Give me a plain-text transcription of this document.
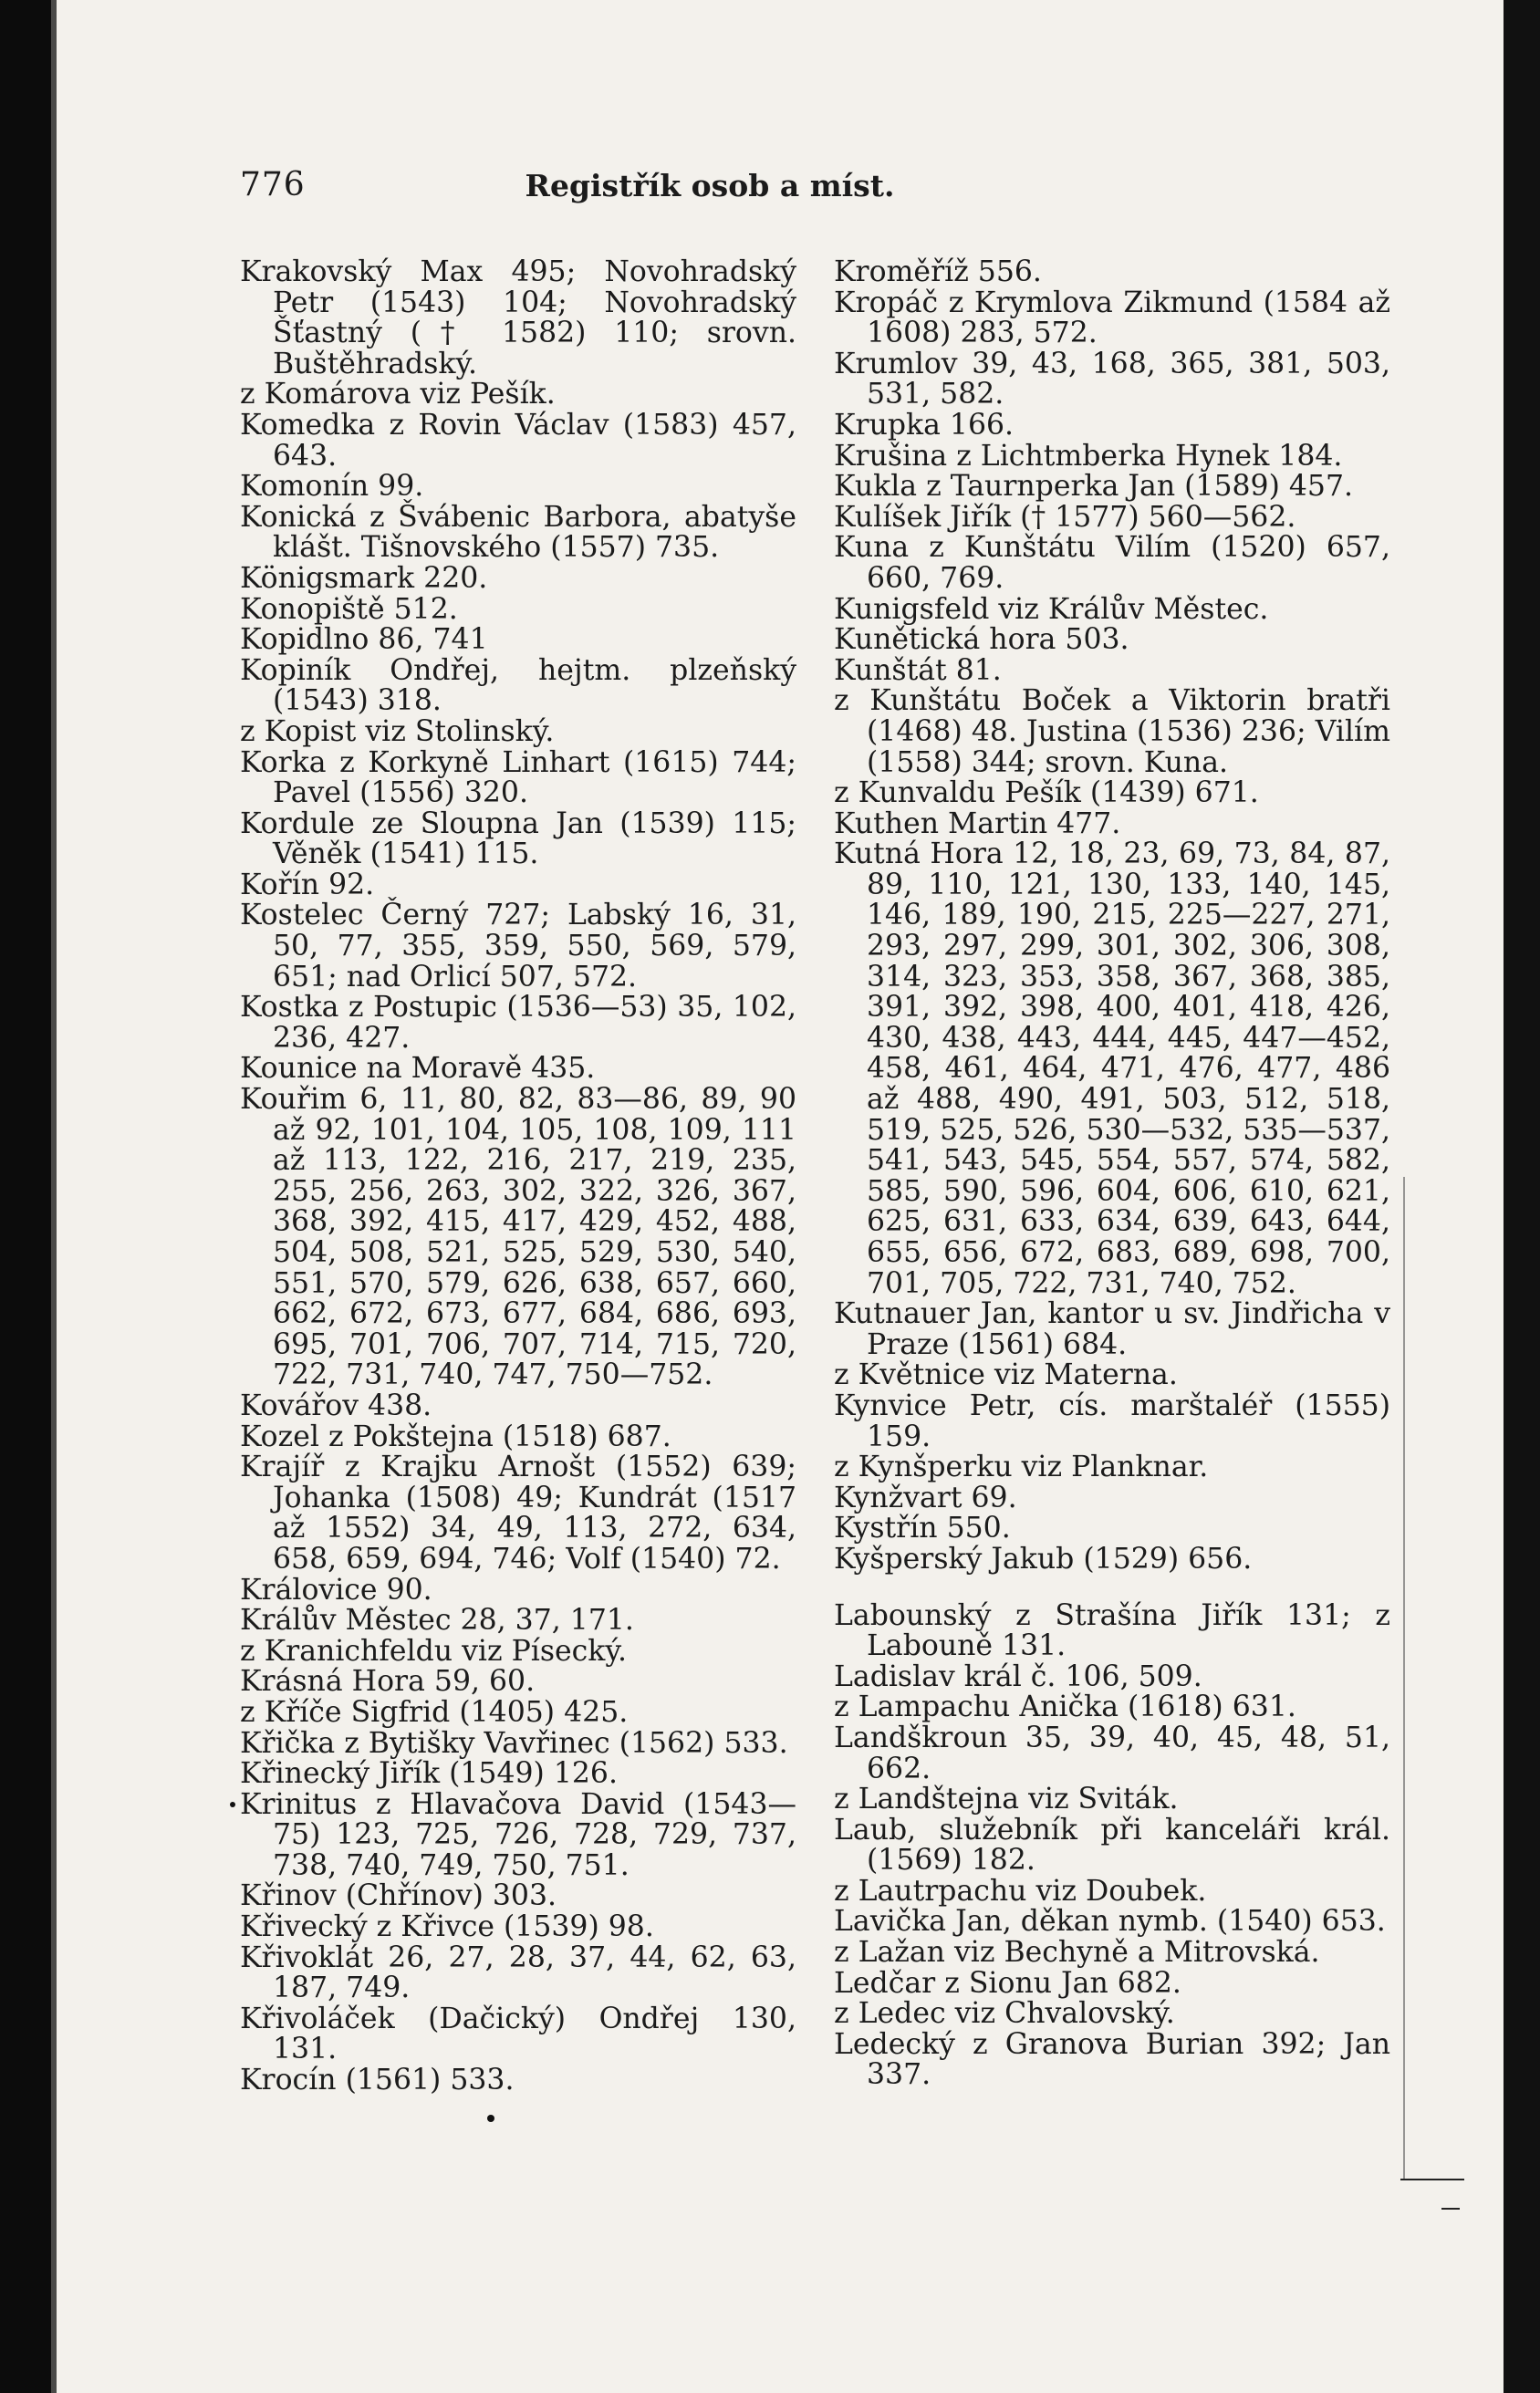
776	Registřík osob a míst.
Krakovský Max 495; Novohradský Petr (1543) 104; Novohradský Šťastný († 1582) 110; srovn. Buštěhradský.
z Komárova viz Pešík.
Komedka z Rovin Václav (1583) 457, 643.
Komonín 99.
Konická z Švábenic Barbora, abatyše klášt. Tišnovského (1557) 735.
Königsmark 220.
Konopiště 512.
Kopidlno 86, 741
Kopiník Ondřej, hejtm. plzeňský (1543) 318.
z Kopist viz Stolinský.
Korka z Korkyně Linhart (1615) 744; Pavel (1556) 320.
Kordule ze Sloupna Jan (1539) 115; Věněk (1541) 115.
Kořín 92.
Kostelec Černý 727; Labský 16, 31, 50, 77, 355, 359, 550, 569, 579, 651; nad Orlicí 507, 572.
Kostka z Postupic (1536—53) 35, 102, 236, 427.
Kounice na Moravě 435.
Kouřim 6, 11, 80, 82, 83—86, 89, 90 až 92, 101, 104, 105, 108, 109, 111 až 113, 122, 216, 217, 219, 235, 255, 256, 263, 302, 322, 326, 367, 368, 392, 415, 417, 429, 452, 488, 504, 508, 521, 525, 529, 530, 540, 551, 570, 579, 626, 638, 657, 660, 662, 672, 673, 677, 684, 686, 693, 695, 701, 706, 707, 714, 715, 720, 722, 731, 740, 747, 750—752.
Kovářov 438.
Kozel z Pokštejna (1518) 687.
Krajíř z Krajku Arnošt (1552) 639; Johanka (1508) 49; Kundrát (1517 až 1552) 34, 49, 113, 272, 634, 658, 659, 694, 746; Volf (1540) 72.
Královice 90.
Králův Městec 28, 37, 171.
z Kranichfeldu viz Písecký.
Krásná Hora 59, 60.
z Kříče Sigfrid (1405) 425.
Křička z Bytišky Vavřinec (1562) 533.
Křinecký Jiřík (1549) 126.
Krinitus z Hlavačova David (1543—75) 123, 725, 726, 728, 729, 737, 738, 740, 749, 750, 751.
Křinov (Chřínov) 303.
Křivecký z Křivce (1539) 98.
Křivoklát 26, 27, 28, 37, 44, 62, 63, 187, 749.
Křivoláček (Dačický) Ondřej 130, 131.
Krocín (1561) 533.
Kroměříž 556.
Kropáč z Krymlova Zikmund (1584 až 1608) 283, 572.
Krumlov 39, 43, 168, 365, 381, 503, 531, 582.
Krupka 166.
Krušina z Lichtmberka Hynek 184.
Kukla z Taurnperka Jan (1589) 457.
Kulíšek Jiřík († 1577) 560—562.
Kuna z Kunštátu Vilím (1520) 657, 660, 769.
Kunigsfeld viz Králův Městec.
Kunětická hora 503.
Kunštát 81.
z Kunštátu Boček a Viktorin bratři (1468) 48. Justina (1536) 236; Vilím (1558) 344; srovn. Kuna.
z Kunvaldu Pešík (1439) 671.
Kuthen Martin 477.
Kutná Hora 12, 18, 23, 69, 73, 84, 87, 89, 110, 121, 130, 133, 140, 145, 146, 189, 190, 215, 225—227, 271, 293, 297, 299, 301, 302, 306, 308, 314, 323, 353, 358, 367, 368, 385, 391, 392, 398, 400, 401, 418, 426, 430, 438, 443, 444, 445, 447—452, 458, 461, 464, 471, 476, 477, 486 až 488, 490, 491, 503, 512, 518, 519, 525, 526, 530—532, 535—537, 541, 543, 545, 554, 557, 574, 582, 585, 590, 596, 604, 606, 610, 621, 625, 631, 633, 634, 639, 643, 644, 655, 656, 672, 683, 689, 698, 700, 701, 705, 722, 731, 740, 752.
Kutnauer Jan, kantor u sv. Jindřicha v Praze (1561) 684.
z Květnice viz Materna.
Kynvice Petr, cís. marštaléř (1555) 159.
z Kynšperku viz Planknar.
Kynžvart 69.
Kystřín 550.
Kyšperský Jakub (1529) 656.
Labounský z Strašína Jiřík 131; z Labouně 131.
Ladislav král č. 106, 509.
z Lampachu Anička (1618) 631.
Landškroun 35, 39, 40, 45, 48, 51, 662.
z Landštejna viz Sviták.
Laub, služebník při kanceláři král. (1569) 182.
z Lautrpachu viz Doubek.
Lavička Jan, děkan nymb. (1540) 653.
z Lažan viz Bechyně a Mitrovská.
Ledčar z Sionu Jan 682.
z Ledec viz Chvalovský.
Ledecký z Granova Burian 392; Jan 337.
